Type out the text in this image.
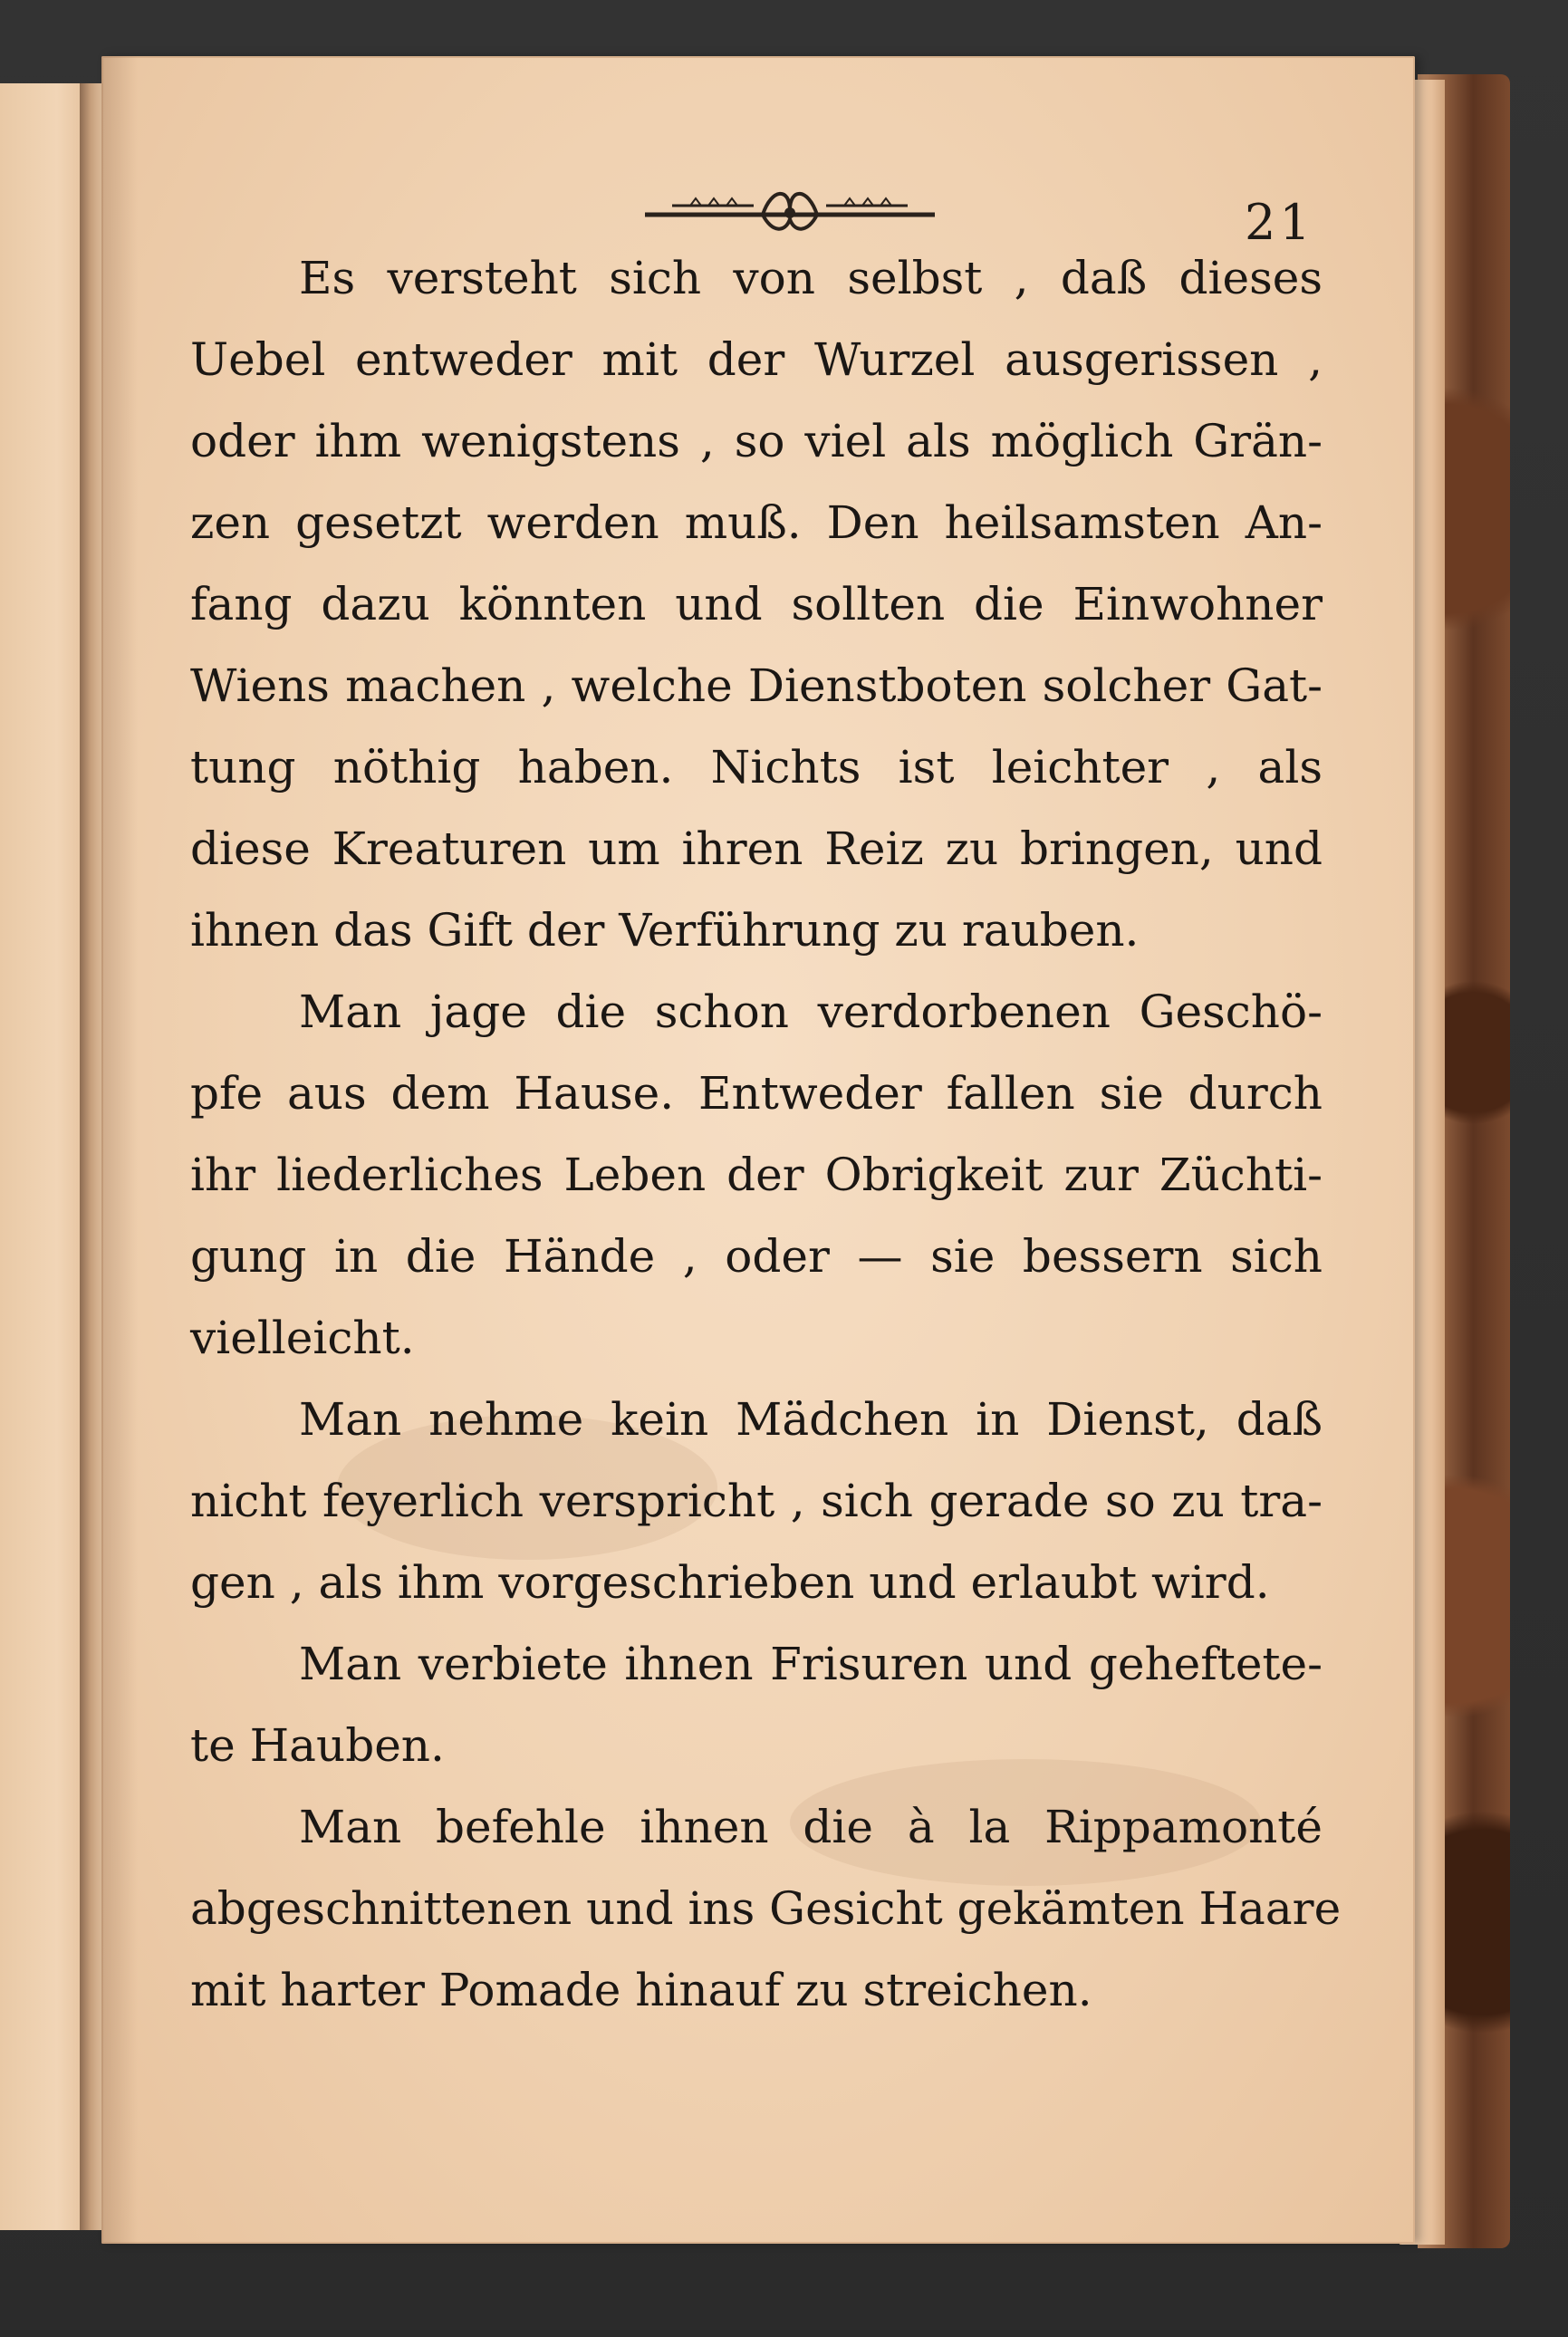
21
Es versteht sich von selbst , daß dieses
Uebel entweder mit der Wurzel ausgerissen ,
oder ihm wenigstens , so viel als möglich Grän-
zen gesetzt werden muß. Den heilsamsten An-
fang dazu könnten und sollten die Einwohner
Wiens machen , welche Dienstboten solcher Gat-
tung nöthig haben. Nichts ist leichter , als
diese Kreaturen um ihren Reiz zu bringen, und
ihnen das Gift der Verführung zu rauben.
Man jage die schon verdorbenen Geschö-
pfe aus dem Hause. Entweder fallen sie durch
ihr liederliches Leben der Obrigkeit zur Züchti-
gung in die Hände , oder — sie bessern sich
vielleicht.
Man nehme kein Mädchen in Dienst, daß
nicht feyerlich verspricht , sich gerade so zu tra-
gen , als ihm vorgeschrieben und erlaubt wird.
Man verbiete ihnen Frisuren und geheftete-
te Hauben.
Man befehle ihnen die à la Rippamonté
abgeschnittenen und ins Gesicht gekämten Haare
mit harter Pomade hinauf zu streichen.
